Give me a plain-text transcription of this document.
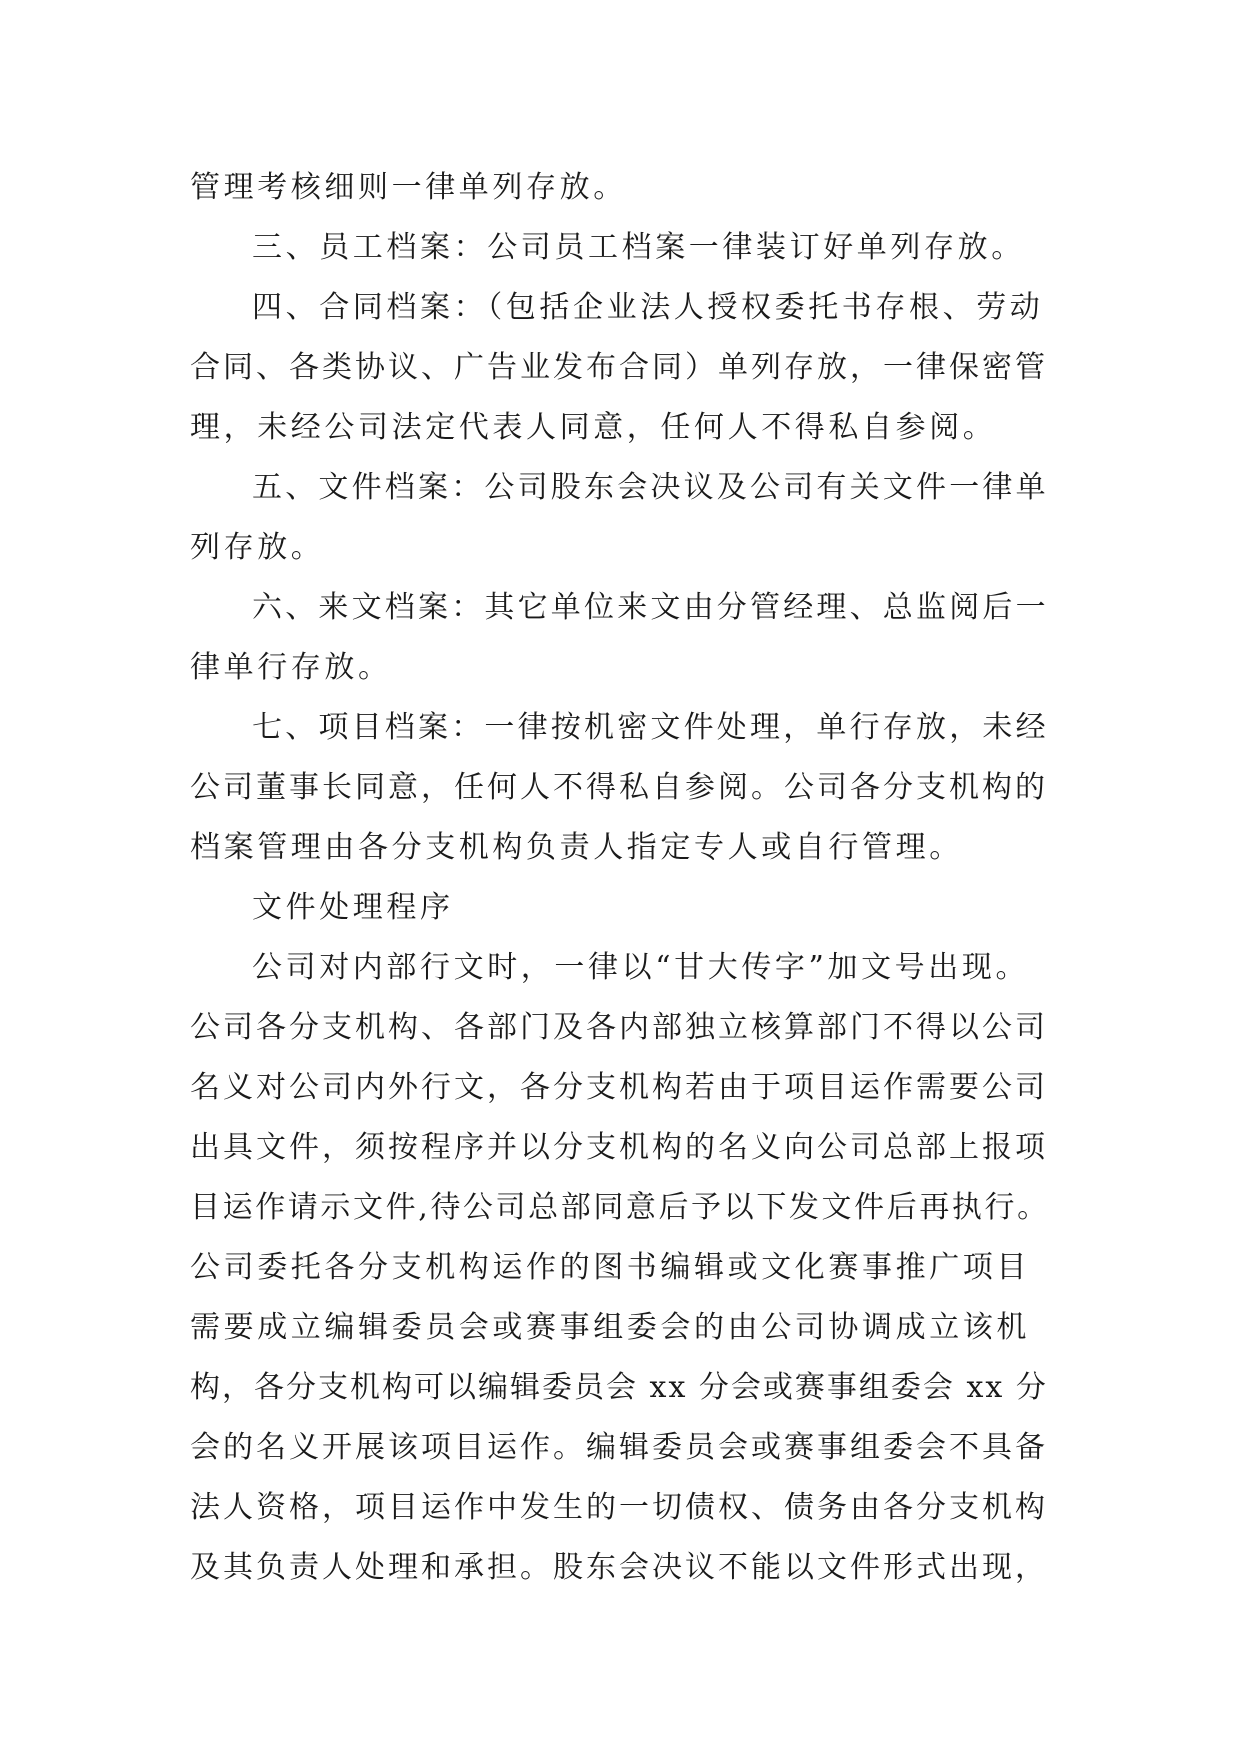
管理考核细则一律单列存放。
三、员工档案：公司员工档案一律装订好单列存放。
四、合同档案：（包括企业法人授权委托书存根、劳动
合同、各类协议、广告业发布合同）单列存放，一律保密管
理，未经公司法定代表人同意，任何人不得私自参阅。
五、文件档案：公司股东会决议及公司有关文件一律单
列存放。
六、来文档案：其它单位来文由分管经理、总监阅后一
律单行存放。
七、项目档案：一律按机密文件处理，单行存放，未经
公司董事长同意，任何人不得私自参阅。公司各分支机构的
档案管理由各分支机构负责人指定专人或自行管理。
文件处理程序
公司对内部行文时，一律以“甘大传字”加文号出现。
公司各分支机构、各部门及各内部独立核算部门不得以公司
名义对公司内外行文，各分支机构若由于项目运作需要公司
出具文件，须按程序并以分支机构的名义向公司总部上报项
目运作请示文件,待公司总部同意后予以下发文件后再执行。
公司委托各分支机构运作的图书编辑或文化赛事推广项目
需要成立编辑委员会或赛事组委会的由公司协调成立该机
构，各分支机构可以编辑委员会 xx 分会或赛事组委会 xx 分
会的名义开展该项目运作。编辑委员会或赛事组委会不具备
法人资格，项目运作中发生的一切债权、债务由各分支机构
及其负责人处理和承担。股东会决议不能以文件形式出现，
